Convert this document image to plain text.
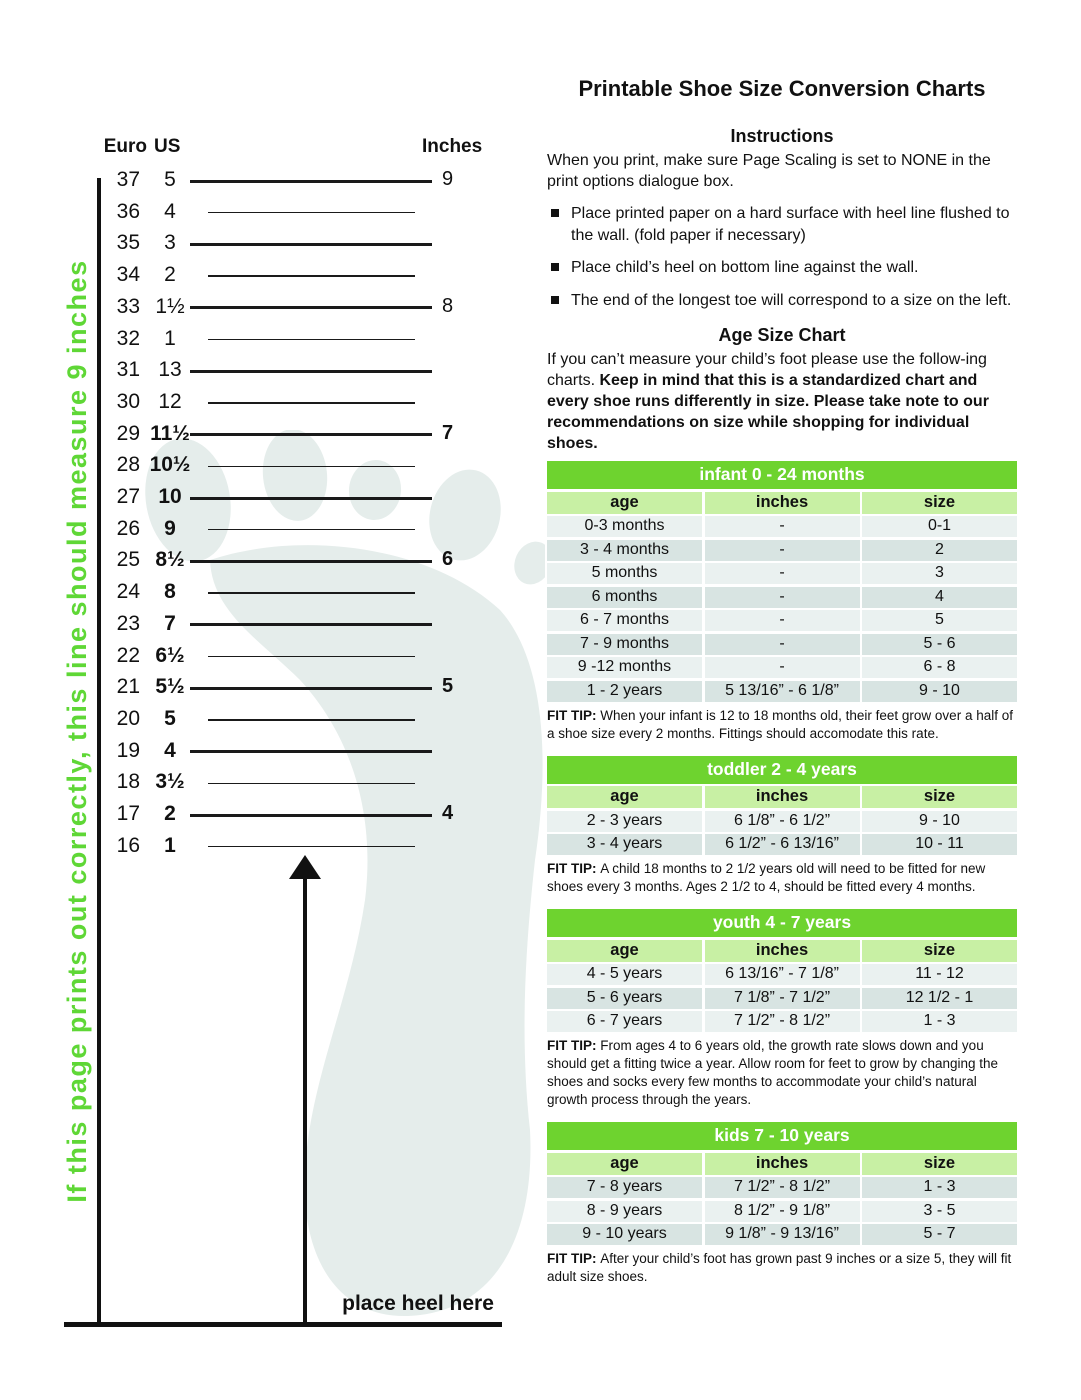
Euro US	Inches
37	5	9
36	4
35	3
34	2
33 1½	8
32	1
31 13
30 12
29 11½	7
28 10½
27 10
26	9
25 8½	6
24	8
23	7
22 6½
21 5½	5
20	5
19	4
18 3½
17	2	4
16	1
place heel here
If this page prints out correctly, this line should measure 9 inches
Printable Shoe Size Conversion Charts
Instructions

When you print, make sure Page Scaling is set to NONE in the print options dialogue box.

Place printed paper on a hard surface with heel line flushed to the wall. (fold paper if necessary)
Place child’s heel on bottom line against the wall.
The end of the longest toe will correspond to a size on the left.
Age Size Chart

If you can’t measure your child’s foot please use the follow-ing charts. Keep in mind that this is a standardized chart and every shoe runs differently in size. Please take note to our recommendations on size while shopping for individual shoes.

infant 0 - 24 months
age	inches	size
0-3 months	-	0-1
3 - 4 months	-	2
5 months	-	3
6 months	-	4
6 - 7 months	-	5
7 - 9 months	-	5 - 6
9 -12 months	-	6 - 8
1 - 2 years	5 13/16” - 6 1/8”	9 - 10

FIT TIP: When your infant is 12 to 18 months old, their feet grow over a half of a shoe size every 2 months. Fittings should accomodate this rate.

toddler 2 - 4 years
age	inches	size
2 - 3 years	6 1/8” - 6 1/2”	9 - 10
3 - 4 years	6 1/2” - 6 13/16”	10 - 11

FIT TIP: A child 18 months to 2 1/2 years old will need to be fitted for new shoes every 3 months. Ages 2 1/2 to 4, should be fitted every 4 months.

youth 4 - 7 years
age	inches	size
4 - 5 years	6 13/16” - 7 1/8”	11 - 12
5 - 6 years	7 1/8” - 7 1/2”	12 1/2 - 1
6 - 7 years	7 1/2” - 8 1/2”	1 - 3

FIT TIP: From ages 4 to 6 years old, the growth rate slows down and you should get a fitting twice a year. Allow room for feet to grow by changing the shoes and socks every few months to accommodate your child’s natural growth process through the years.

kids 7 - 10 years
age	inches	size
7 - 8 years	7 1/2” - 8 1/2”	1 - 3
8 - 9 years	8 1/2” - 9 1/8”	3 - 5
9 - 10 years	9 1/8” - 9 13/16”	5 - 7

FIT TIP: After your child’s foot has grown past 9 inches or a size 5, they will fit adult size shoes.
